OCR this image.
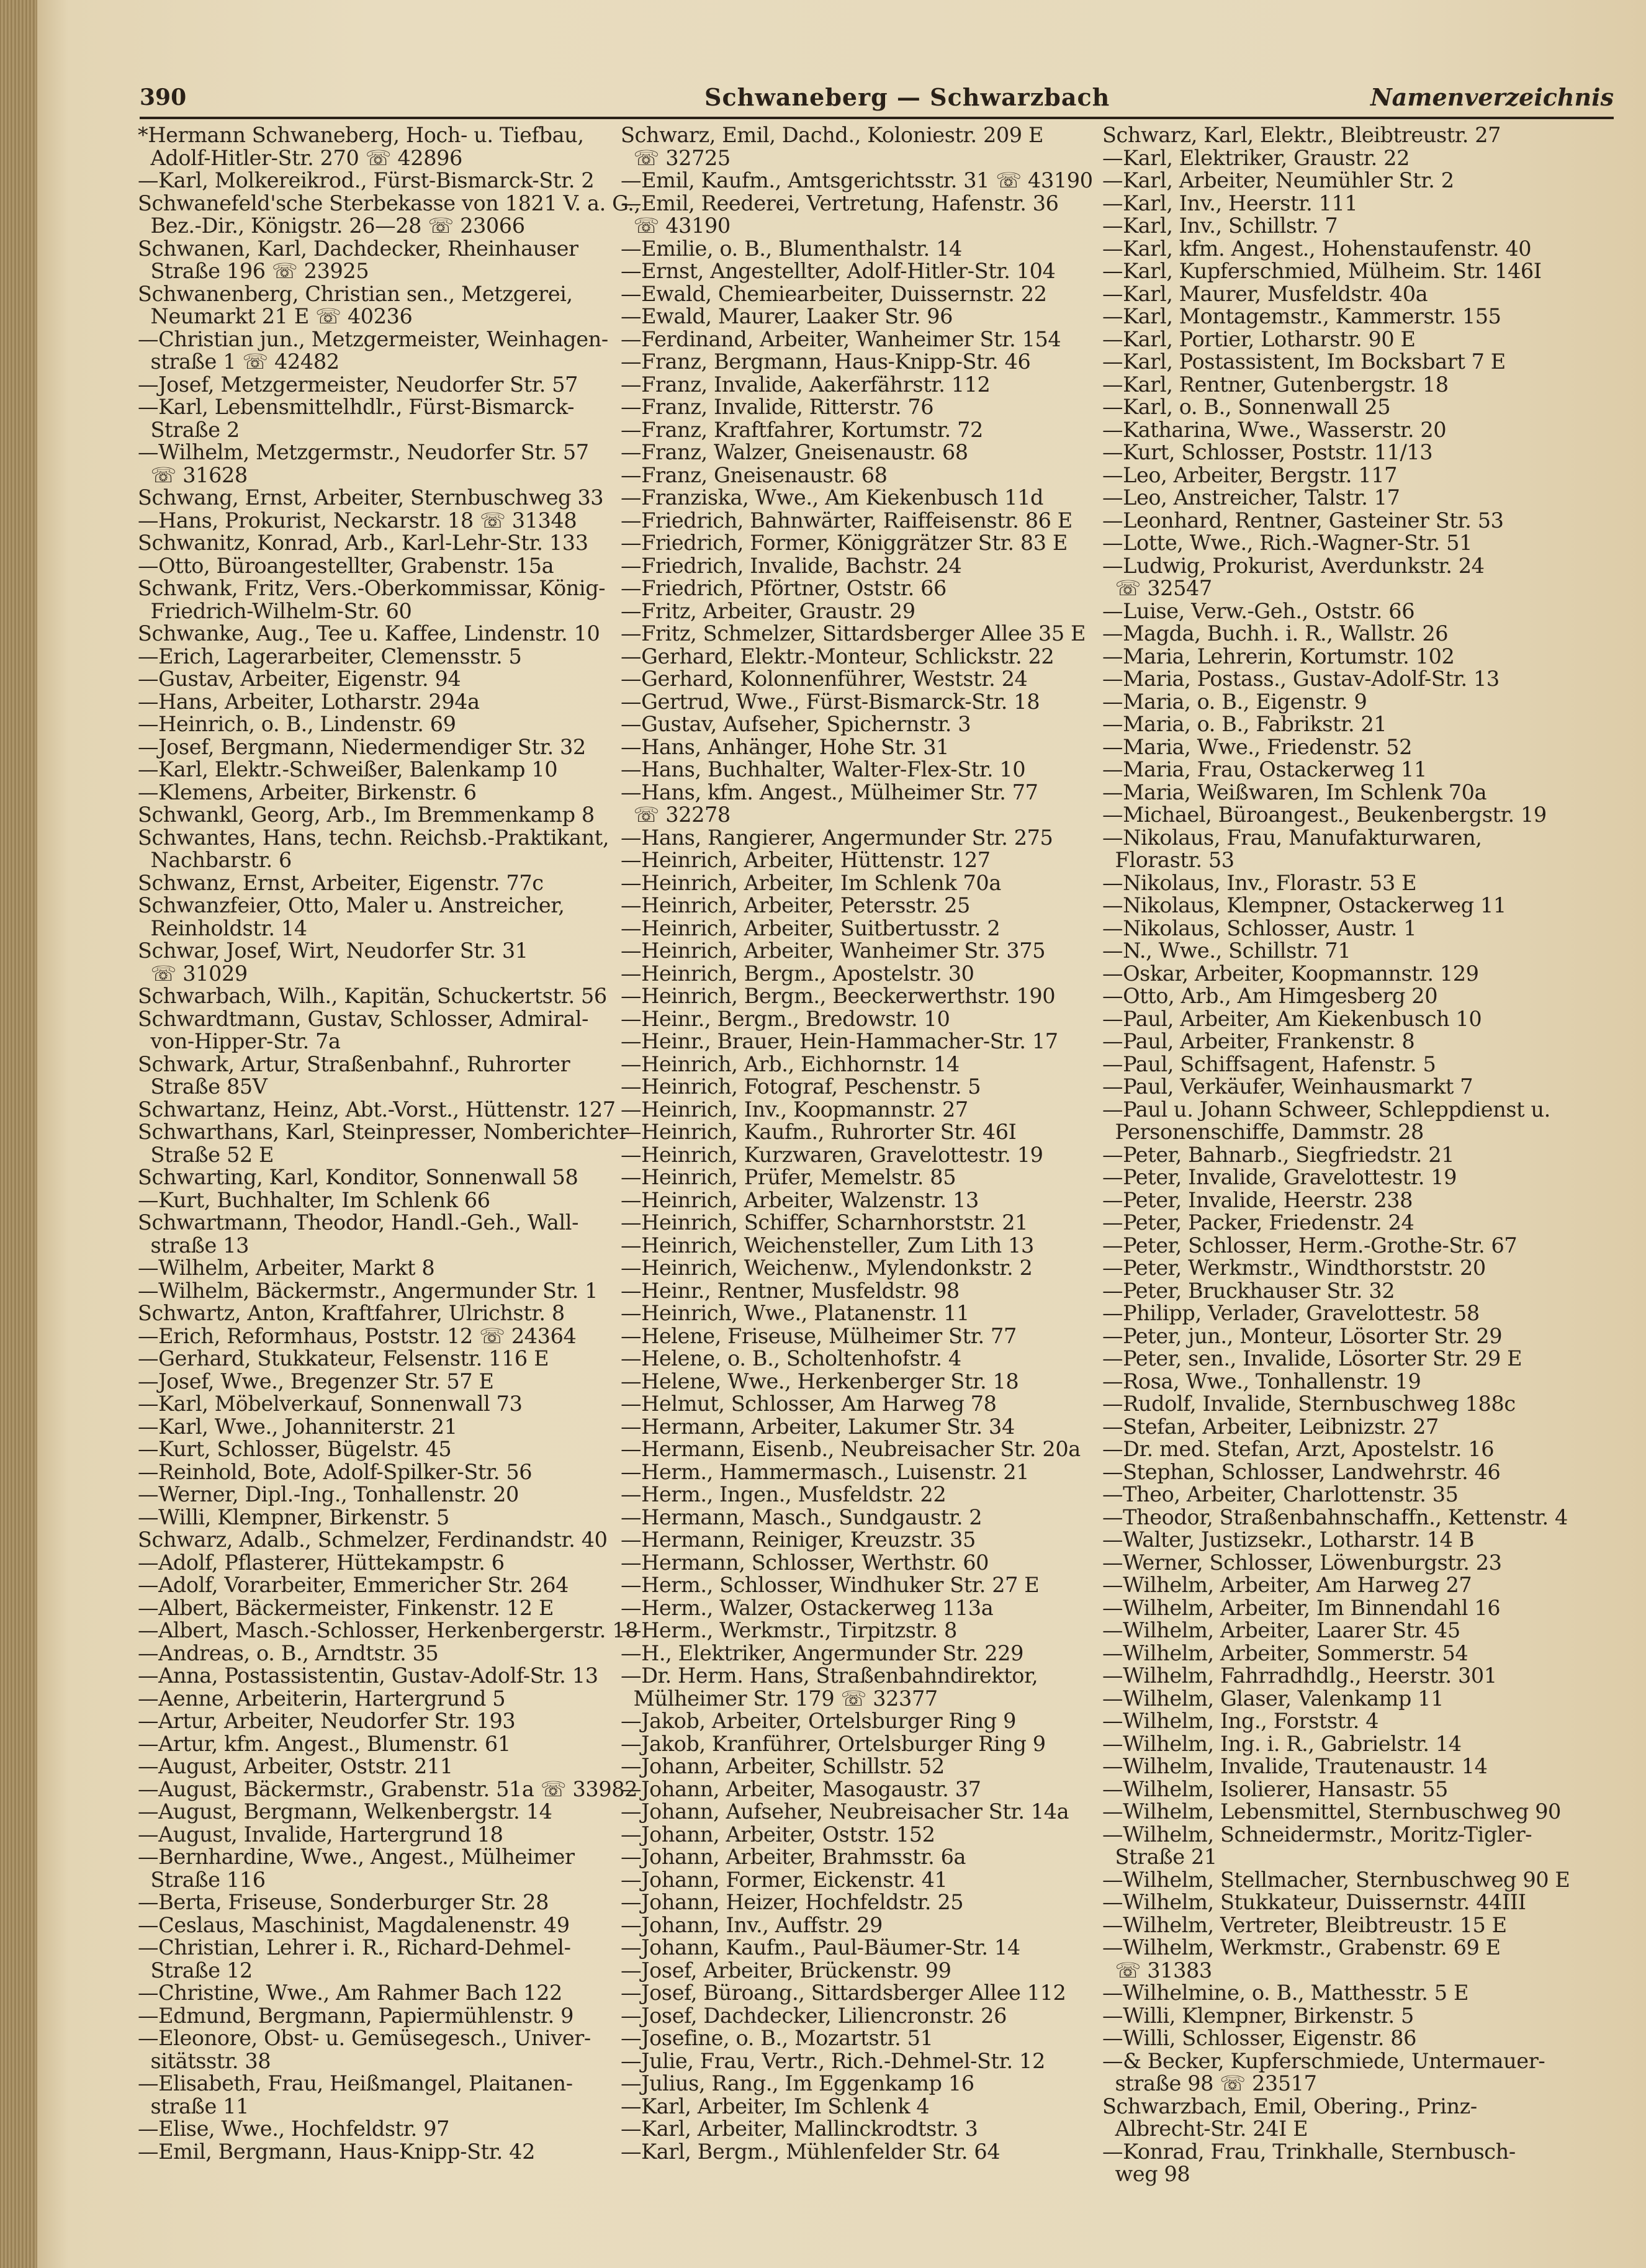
390	Schwaneberg — Schwarzbach	Namenverzeichnis
*Hermann Schwaneberg, Hoch- u. Tiefbau,
Adolf-Hitler-Str. 270 ☏ 42896
—Karl, Molkereikrod., Fürst-Bismarck-Str. 2
Schwanefeld'sche Sterbekasse von 1821 V. a. G.,
Bez.-Dir., Königstr. 26—28 ☏ 23066
Schwanen, Karl, Dachdecker, Rheinhauser
Straße 196 ☏ 23925
Schwanenberg, Christian sen., Metzgerei,
Neumarkt 21 E ☏ 40236
—Christian jun., Metzgermeister, Weinhagen-
straße 1 ☏ 42482
—Josef, Metzgermeister, Neudorfer Str. 57
—Karl, Lebensmittelhdlr., Fürst-Bismarck-
Straße 2
—Wilhelm, Metzgermstr., Neudorfer Str. 57
☏ 31628
Schwang, Ernst, Arbeiter, Sternbuschweg 33
—Hans, Prokurist, Neckarstr. 18 ☏ 31348
Schwanitz, Konrad, Arb., Karl-Lehr-Str. 133
—Otto, Büroangestellter, Grabenstr. 15a
Schwank, Fritz, Vers.-Oberkommissar, König-
Friedrich-Wilhelm-Str. 60
Schwanke, Aug., Tee u. Kaffee, Lindenstr. 10
—Erich, Lagerarbeiter, Clemensstr. 5
—Gustav, Arbeiter, Eigenstr. 94
—Hans, Arbeiter, Lotharstr. 294a
—Heinrich, o. B., Lindenstr. 69
—Josef, Bergmann, Niedermendiger Str. 32
—Karl, Elektr.-Schweißer, Balenkamp 10
—Klemens, Arbeiter, Birkenstr. 6
Schwankl, Georg, Arb., Im Bremmenkamp 8
Schwantes, Hans, techn. Reichsb.-Praktikant,
Nachbarstr. 6
Schwanz, Ernst, Arbeiter, Eigenstr. 77c
Schwanzfeier, Otto, Maler u. Anstreicher,
Reinholdstr. 14
Schwar, Josef, Wirt, Neudorfer Str. 31
☏ 31029
Schwarbach, Wilh., Kapitän, Schuckertstr. 56
Schwardtmann, Gustav, Schlosser, Admiral-
von-Hipper-Str. 7a
Schwark, Artur, Straßenbahnf., Ruhrorter
Straße 85V
Schwartanz, Heinz, Abt.-Vorst., Hüttenstr. 127
Schwarthans, Karl, Steinpresser, Nomberichter
Straße 52 E
Schwarting, Karl, Konditor, Sonnenwall 58
—Kurt, Buchhalter, Im Schlenk 66
Schwartmann, Theodor, Handl.-Geh., Wall-
straße 13
—Wilhelm, Arbeiter, Markt 8
—Wilhelm, Bäckermstr., Angermunder Str. 1
Schwartz, Anton, Kraftfahrer, Ulrichstr. 8
—Erich, Reformhaus, Poststr. 12 ☏ 24364
—Gerhard, Stukkateur, Felsenstr. 116 E
—Josef, Wwe., Bregenzer Str. 57 E
—Karl, Möbelverkauf, Sonnenwall 73
—Karl, Wwe., Johanniterstr. 21
—Kurt, Schlosser, Bügelstr. 45
—Reinhold, Bote, Adolf-Spilker-Str. 56
—Werner, Dipl.-Ing., Tonhallenstr. 20
—Willi, Klempner, Birkenstr. 5
Schwarz, Adalb., Schmelzer, Ferdinandstr. 40
—Adolf, Pflasterer, Hüttekampstr. 6
—Adolf, Vorarbeiter, Emmericher Str. 264
—Albert, Bäckermeister, Finkenstr. 12 E
—Albert, Masch.-Schlosser, Herkenbergerstr. 18
—Andreas, o. B., Arndtstr. 35
—Anna, Postassistentin, Gustav-Adolf-Str. 13
—Aenne, Arbeiterin, Hartergrund 5
—Artur, Arbeiter, Neudorfer Str. 193
—Artur, kfm. Angest., Blumenstr. 61
—August, Arbeiter, Oststr. 211
—August, Bäckermstr., Grabenstr. 51a ☏ 33982
—August, Bergmann, Welkenbergstr. 14
—August, Invalide, Hartergrund 18
—Bernhardine, Wwe., Angest., Mülheimer
Straße 116
—Berta, Friseuse, Sonderburger Str. 28
—Ceslaus, Maschinist, Magdalenenstr. 49
—Christian, Lehrer i. R., Richard-Dehmel-
Straße 12
—Christine, Wwe., Am Rahmer Bach 122
—Edmund, Bergmann, Papiermühlenstr. 9
—Eleonore, Obst- u. Gemüsegesch., Univer-
sitätsstr. 38
—Elisabeth, Frau, Heißmangel, Plaitanen-
straße 11
—Elise, Wwe., Hochfeldstr. 97
—Emil, Bergmann, Haus-Knipp-Str. 42
Schwarz, Emil, Dachd., Koloniestr. 209 E
☏ 32725
—Emil, Kaufm., Amtsgerichtsstr. 31 ☏ 43190
—Emil, Reederei, Vertretung, Hafenstr. 36
☏ 43190
—Emilie, o. B., Blumenthalstr. 14
—Ernst, Angestellter, Adolf-Hitler-Str. 104
—Ewald, Chemiearbeiter, Duissernstr. 22
—Ewald, Maurer, Laaker Str. 96
—Ferdinand, Arbeiter, Wanheimer Str. 154
—Franz, Bergmann, Haus-Knipp-Str. 46
—Franz, Invalide, Aakerfährstr. 112
—Franz, Invalide, Ritterstr. 76
—Franz, Kraftfahrer, Kortumstr. 72
—Franz, Walzer, Gneisenaustr. 68
—Franz, Gneisenaustr. 68
—Franziska, Wwe., Am Kiekenbusch 11d
—Friedrich, Bahnwärter, Raiffeisenstr. 86 E
—Friedrich, Former, Königgrätzer Str. 83 E
—Friedrich, Invalide, Bachstr. 24
—Friedrich, Pförtner, Oststr. 66
—Fritz, Arbeiter, Graustr. 29
—Fritz, Schmelzer, Sittardsberger Allee 35 E
—Gerhard, Elektr.-Monteur, Schlickstr. 22
—Gerhard, Kolonnenführer, Weststr. 24
—Gertrud, Wwe., Fürst-Bismarck-Str. 18
—Gustav, Aufseher, Spichernstr. 3
—Hans, Anhänger, Hohe Str. 31
—Hans, Buchhalter, Walter-Flex-Str. 10
—Hans, kfm. Angest., Mülheimer Str. 77
☏ 32278
—Hans, Rangierer, Angermunder Str. 275
—Heinrich, Arbeiter, Hüttenstr. 127
—Heinrich, Arbeiter, Im Schlenk 70a
—Heinrich, Arbeiter, Petersstr. 25
—Heinrich, Arbeiter, Suitbertusstr. 2
—Heinrich, Arbeiter, Wanheimer Str. 375
—Heinrich, Bergm., Apostelstr. 30
—Heinrich, Bergm., Beeckerwerthstr. 190
—Heinr., Bergm., Bredowstr. 10
—Heinr., Brauer, Hein-Hammacher-Str. 17
—Heinrich, Arb., Eichhornstr. 14
—Heinrich, Fotograf, Peschenstr. 5
—Heinrich, Inv., Koopmannstr. 27
—Heinrich, Kaufm., Ruhrorter Str. 46I
—Heinrich, Kurzwaren, Gravelottestr. 19
—Heinrich, Prüfer, Memelstr. 85
—Heinrich, Arbeiter, Walzenstr. 13
—Heinrich, Schiffer, Scharnhorststr. 21
—Heinrich, Weichensteller, Zum Lith 13
—Heinrich, Weichenw., Mylendonkstr. 2
—Heinr., Rentner, Musfeldstr. 98
—Heinrich, Wwe., Platanenstr. 11
—Helene, Friseuse, Mülheimer Str. 77
—Helene, o. B., Scholtenhofstr. 4
—Helene, Wwe., Herkenberger Str. 18
—Helmut, Schlosser, Am Harweg 78
—Hermann, Arbeiter, Lakumer Str. 34
—Hermann, Eisenb., Neubreisacher Str. 20a
—Herm., Hammermasch., Luisenstr. 21
—Herm., Ingen., Musfeldstr. 22
—Hermann, Masch., Sundgaustr. 2
—Hermann, Reiniger, Kreuzstr. 35
—Hermann, Schlosser, Werthstr. 60
—Herm., Schlosser, Windhuker Str. 27 E
—Herm., Walzer, Ostackerweg 113a
—Herm., Werkmstr., Tirpitzstr. 8
—H., Elektriker, Angermunder Str. 229
—Dr. Herm. Hans, Straßenbahndirektor,
Mülheimer Str. 179 ☏ 32377
—Jakob, Arbeiter, Ortelsburger Ring 9
—Jakob, Kranführer, Ortelsburger Ring 9
—Johann, Arbeiter, Schillstr. 52
—Johann, Arbeiter, Masogaustr. 37
—Johann, Aufseher, Neubreisacher Str. 14a
—Johann, Arbeiter, Oststr. 152
—Johann, Arbeiter, Brahmsstr. 6a
—Johann, Former, Eickenstr. 41
—Johann, Heizer, Hochfeldstr. 25
—Johann, Inv., Auffstr. 29
—Johann, Kaufm., Paul-Bäumer-Str. 14
—Josef, Arbeiter, Brückenstr. 99
—Josef, Büroang., Sittardsberger Allee 112
—Josef, Dachdecker, Liliencronstr. 26
—Josefine, o. B., Mozartstr. 51
—Julie, Frau, Vertr., Rich.-Dehmel-Str. 12
—Julius, Rang., Im Eggenkamp 16
—Karl, Arbeiter, Im Schlenk 4
—Karl, Arbeiter, Mallinckrodtstr. 3
—Karl, Bergm., Mühlenfelder Str. 64
Schwarz, Karl, Elektr., Bleibtreustr. 27
—Karl, Elektriker, Graustr. 22
—Karl, Arbeiter, Neumühler Str. 2
—Karl, Inv., Heerstr. 111
—Karl, Inv., Schillstr. 7
—Karl, kfm. Angest., Hohenstaufenstr. 40
—Karl, Kupferschmied, Mülheim. Str. 146I
—Karl, Maurer, Musfeldstr. 40a
—Karl, Montagemstr., Kammerstr. 155
—Karl, Portier, Lotharstr. 90 E
—Karl, Postassistent, Im Bocksbart 7 E
—Karl, Rentner, Gutenbergstr. 18
—Karl, o. B., Sonnenwall 25
—Katharina, Wwe., Wasserstr. 20
—Kurt, Schlosser, Poststr. 11/13
—Leo, Arbeiter, Bergstr. 117
—Leo, Anstreicher, Talstr. 17
—Leonhard, Rentner, Gasteiner Str. 53
—Lotte, Wwe., Rich.-Wagner-Str. 51
—Ludwig, Prokurist, Averdunkstr. 24
☏ 32547
—Luise, Verw.-Geh., Oststr. 66
—Magda, Buchh. i. R., Wallstr. 26
—Maria, Lehrerin, Kortumstr. 102
—Maria, Postass., Gustav-Adolf-Str. 13
—Maria, o. B., Eigenstr. 9
—Maria, o. B., Fabrikstr. 21
—Maria, Wwe., Friedenstr. 52
—Maria, Frau, Ostackerweg 11
—Maria, Weißwaren, Im Schlenk 70a
—Michael, Büroangest., Beukenbergstr. 19
—Nikolaus, Frau, Manufakturwaren,
Florastr. 53
—Nikolaus, Inv., Florastr. 53 E
—Nikolaus, Klempner, Ostackerweg 11
—Nikolaus, Schlosser, Austr. 1
—N., Wwe., Schillstr. 71
—Oskar, Arbeiter, Koopmannstr. 129
—Otto, Arb., Am Himgesberg 20
—Paul, Arbeiter, Am Kiekenbusch 10
—Paul, Arbeiter, Frankenstr. 8
—Paul, Schiffsagent, Hafenstr. 5
—Paul, Verkäufer, Weinhausmarkt 7
—Paul u. Johann Schweer, Schleppdienst u.
Personenschiffe, Dammstr. 28
—Peter, Bahnarb., Siegfriedstr. 21
—Peter, Invalide, Gravelottestr. 19
—Peter, Invalide, Heerstr. 238
—Peter, Packer, Friedenstr. 24
—Peter, Schlosser, Herm.-Grothe-Str. 67
—Peter, Werkmstr., Windthorststr. 20
—Peter, Bruckhauser Str. 32
—Philipp, Verlader, Gravelottestr. 58
—Peter, jun., Monteur, Lösorter Str. 29
—Peter, sen., Invalide, Lösorter Str. 29 E
—Rosa, Wwe., Tonhallenstr. 19
—Rudolf, Invalide, Sternbuschweg 188c
—Stefan, Arbeiter, Leibnizstr. 27
—Dr. med. Stefan, Arzt, Apostelstr. 16
—Stephan, Schlosser, Landwehrstr. 46
—Theo, Arbeiter, Charlottenstr. 35
—Theodor, Straßenbahnschaffn., Kettenstr. 4
—Walter, Justizsekr., Lotharstr. 14 B
—Werner, Schlosser, Löwenburgstr. 23
—Wilhelm, Arbeiter, Am Harweg 27
—Wilhelm, Arbeiter, Im Binnendahl 16
—Wilhelm, Arbeiter, Laarer Str. 45
—Wilhelm, Arbeiter, Sommerstr. 54
—Wilhelm, Fahrradhdlg., Heerstr. 301
—Wilhelm, Glaser, Valenkamp 11
—Wilhelm, Ing., Forststr. 4
—Wilhelm, Ing. i. R., Gabrielstr. 14
—Wilhelm, Invalide, Trautenaustr. 14
—Wilhelm, Isolierer, Hansastr. 55
—Wilhelm, Lebensmittel, Sternbuschweg 90
—Wilhelm, Schneidermstr., Moritz-Tigler-
Straße 21
—Wilhelm, Stellmacher, Sternbuschweg 90 E
—Wilhelm, Stukkateur, Duissernstr. 44III
—Wilhelm, Vertreter, Bleibtreustr. 15 E
—Wilhelm, Werkmstr., Grabenstr. 69 E
☏ 31383
—Wilhelmine, o. B., Matthesstr. 5 E
—Willi, Klempner, Birkenstr. 5
—Willi, Schlosser, Eigenstr. 86
—& Becker, Kupferschmiede, Untermauer-
straße 98 ☏ 23517
Schwarzbach, Emil, Obering., Prinz-
Albrecht-Str. 24I E
—Konrad, Frau, Trinkhalle, Sternbusch-
weg 98
